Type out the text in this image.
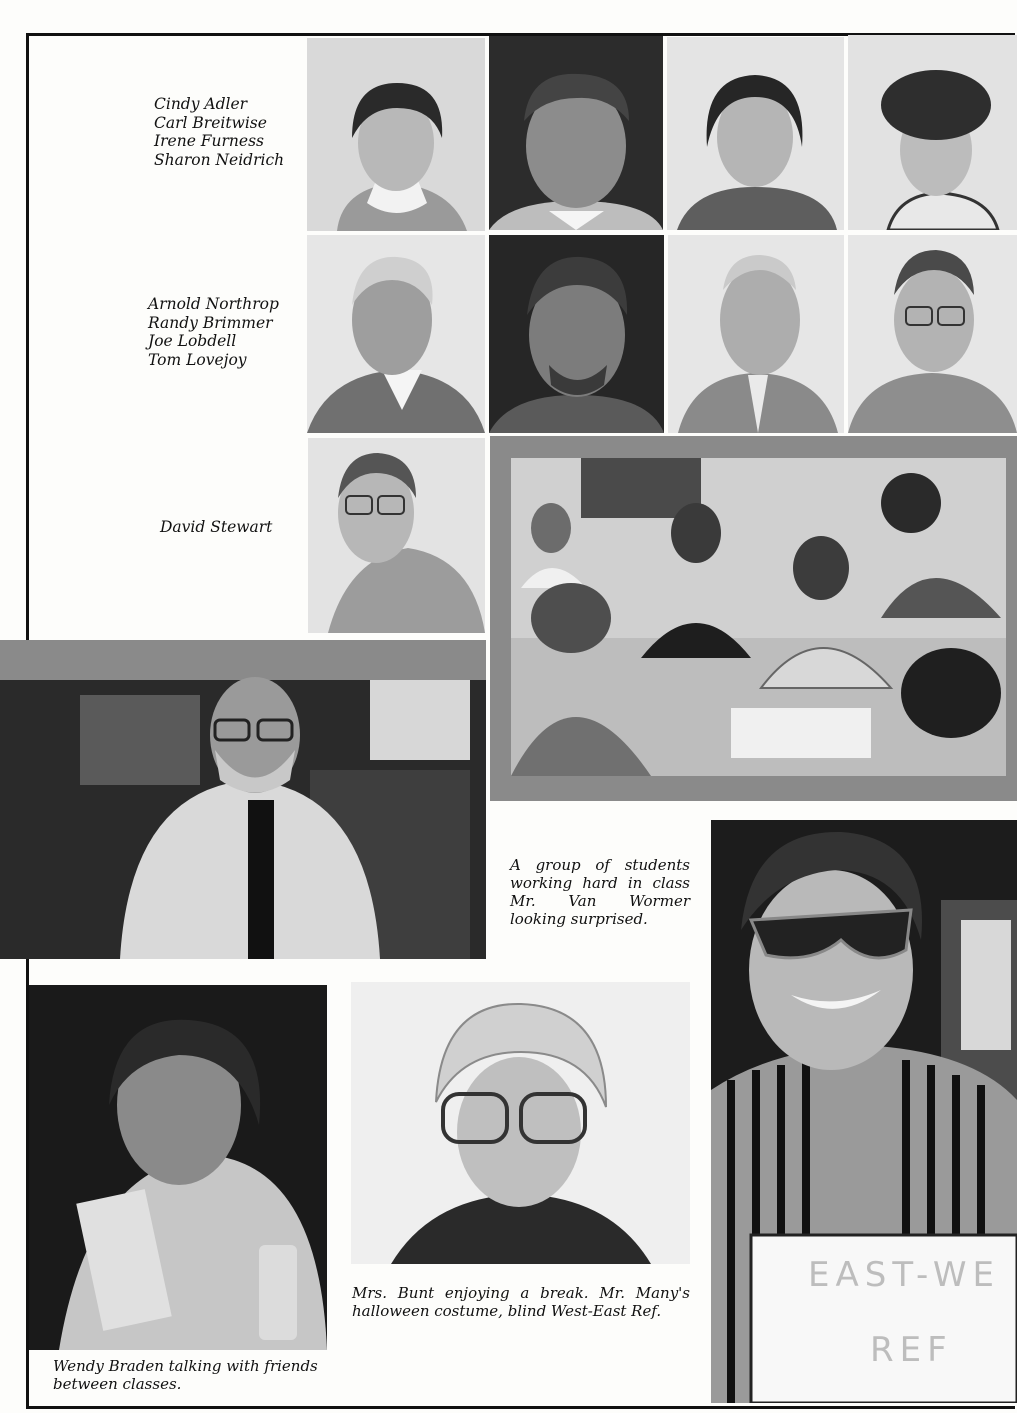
Cindy Adler
Carl Breitwise
Irene Furness
Sharon Neidrich
Arnold Northrop
Randy Brimmer
Joe Lobdell
Tom Lovejoy
David Stewart
A group of students working hard in class Mr. Van Wormer looking surprised.
Wendy Braden talking with friends between classes.
Mrs. Bunt enjoying a break. Mr. Many's halloween costume, blind West-East Ref.
EAST-WE
REF
